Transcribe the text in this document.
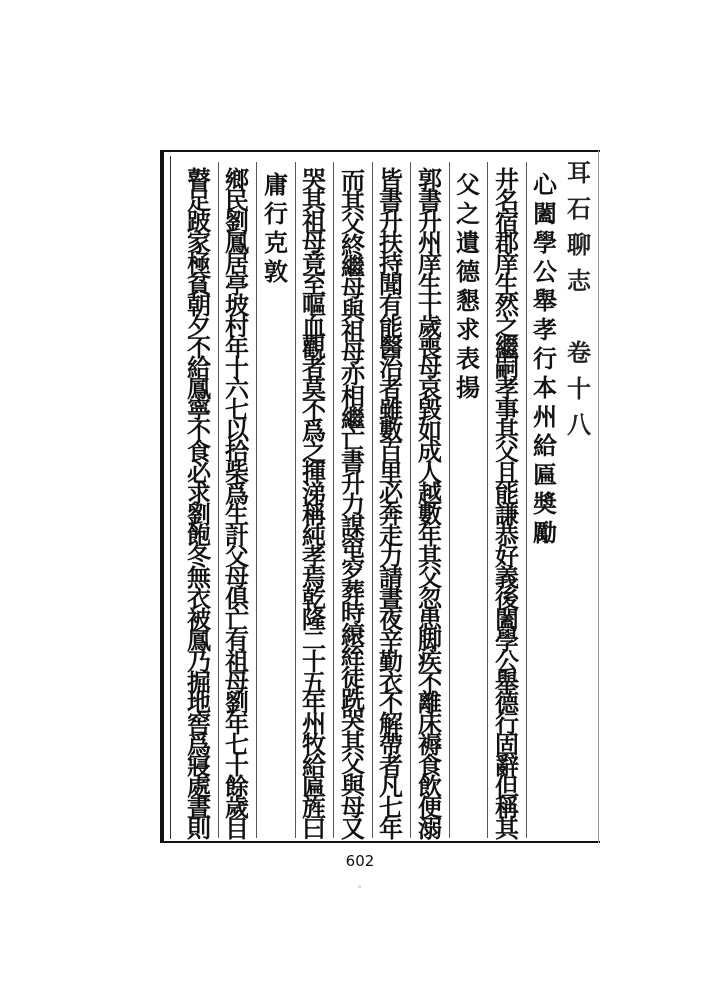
耳
石
聊
志
卷
十
八
心
闔
學
公
舉
孝
行
本
州
給
匾
奬
勵
井
名
宿
郡
庠
生
然
之
繼
嗣
孝
事
其
父
且
能
謙
恭
好
義
後
闔
學
公
舉
德
行
固
辭
但
稱
其
父
之
遺
德
懇
求
表
揚
郭
書
升
州
庠
生
十
歲
喪
母
哀
毀
如
成
人
越
數
年
其
父
忽
患
脚
疾
不
離
床
褥
食
飲
便
溺
皆
書
升
扶
持
聞
有
能
醫
治
者
雖
數
百
里
必
奔
走
力
請
晝
夜
辛
勤
衣
不
解
帶
者
凡
七
年
而
其
父
終
繼
母
與
祖
母
亦
相
繼
亡
書
升
力
謀
窀
穸
葬
時
縗
絰
徒
跣
哭
其
父
與
母
又
哭
其
祖
母
竟
至
嘔
血
觀
者
莫
不
爲
之
揮
涕
稱
純
孝
焉
乾
隆
二
十
五
年
州
牧
給
匾
旌
曰
庸
行
克
敦
鄉
民
劉
鳳
居
亭
坡
村
年
十
六
七
以
拾
柴
爲
生
計
父
母
俱
亡
有
祖
母
劉
年
七
十
餘
歲
目
瞽
足
跛
家
極
貧
朝
夕
不
給
鳳
寧
不
食
必
求
劉
飽
冬
無
衣
被
鳳
乃
掘
地
窖
爲
寢
處
晝
則
602
◦
